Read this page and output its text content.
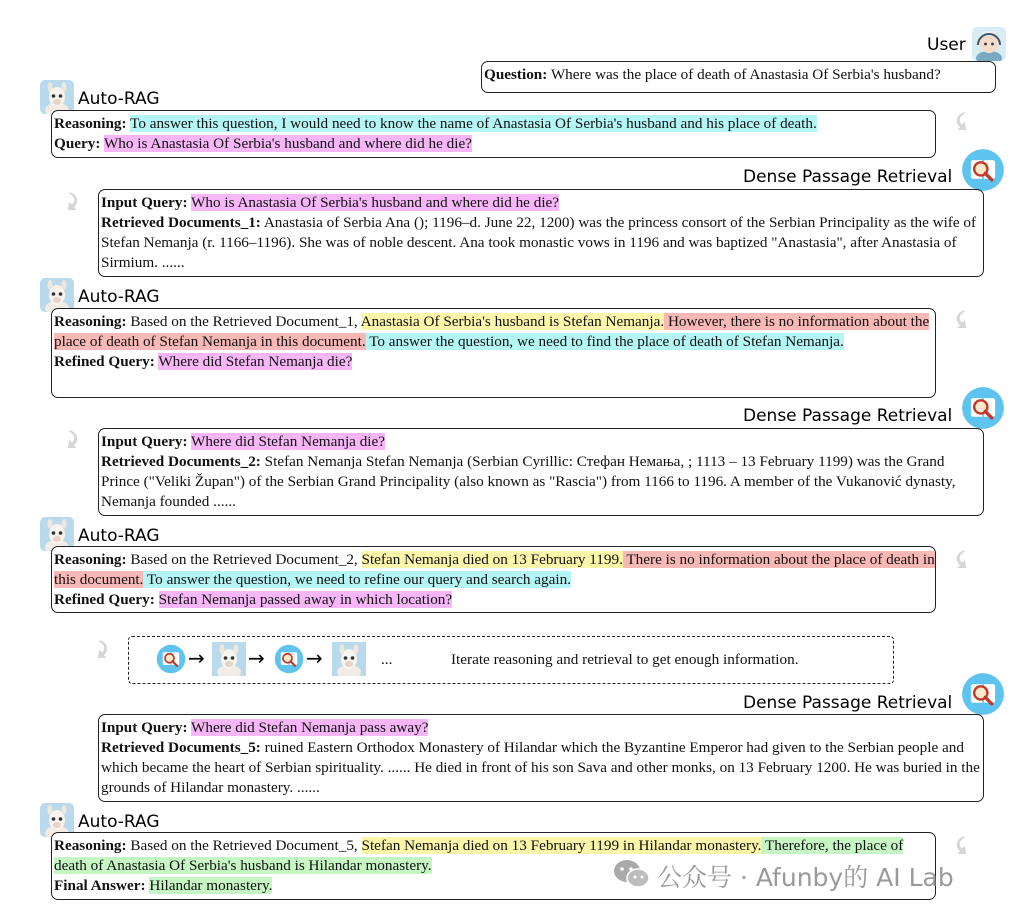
User

Question: Where was the place of death of Anastasia Of Serbia's husband?

Auto-RAG

Reasoning: To answer this question, I would need to know the name of Anastasia Of Serbia's husband and his place of death.

Query: Who is Anastasia Of Serbia's husband and where did he die?

Dense Passage Retrieval

Input Query: Who is Anastasia Of Serbia's husband and where did he die?

Retrieved Documents_1: Anastasia of Serbia Ana (); 1196–d. June 22, 1200) was the princess consort of the Serbian Principality as the wife of Stefan Nemanja (r. 1166–1196). She was of noble descent. Ana took monastic vows in 1196 and was baptized "Anastasia", after Anastasia of Sirmium. ......

Auto-RAG

Reasoning: Based on the Retrieved Document_1, Anastasia Of Serbia's husband is Stefan Nemanja. However, there is no information about the place of death of Stefan Nemanja in this document. To answer the question, we need to find the place of death of Stefan Nemanja.

Refined Query: Where did Stefan Nemanja die?

Dense Passage Retrieval

Input Query: Where did Stefan Nemanja die?

Retrieved Documents_2: Stefan Nemanja Stefan Nemanja (Serbian Cyrillic: Стефан Немања, ; 1113 – 13 February 1199) was the Grand Prince ("Veliki Župan") of the Serbian Grand Principality (also known as "Rascia") from 1166 to 1196. A member of the Vukanović dynasty, Nemanja founded ......

Auto-RAG

Reasoning: Based on the Retrieved Document_2, Stefan Nemanja died on 13 February 1199. There is no information about the place of death in this document. To answer the question, we need to refine our query and search again.

Refined Query: Stefan Nemanja passed away in which location?

→ → →	...	Iterate reasoning and retrieval to get enough information.
Dense Passage Retrieval

Input Query: Where did Stefan Nemanja pass away?

Retrieved Documents_5: ruined Eastern Orthodox Monastery of Hilandar which the Byzantine Emperor had given to the Serbian people and which became the heart of Serbian spirituality. ...... He died in front of his son Sava and other monks, on 13 February 1200. He was buried in the grounds of Hilandar monastery. ......

Auto-RAG

Reasoning: Based on the Retrieved Document_5, Stefan Nemanja died on 13 February 1199 in Hilandar monastery. Therefore, the place of death of Anastasia Of Serbia's husband is Hilandar monastery.

Final Answer: Hilandar monastery.	公众号 · Afunby的 AI Lab
